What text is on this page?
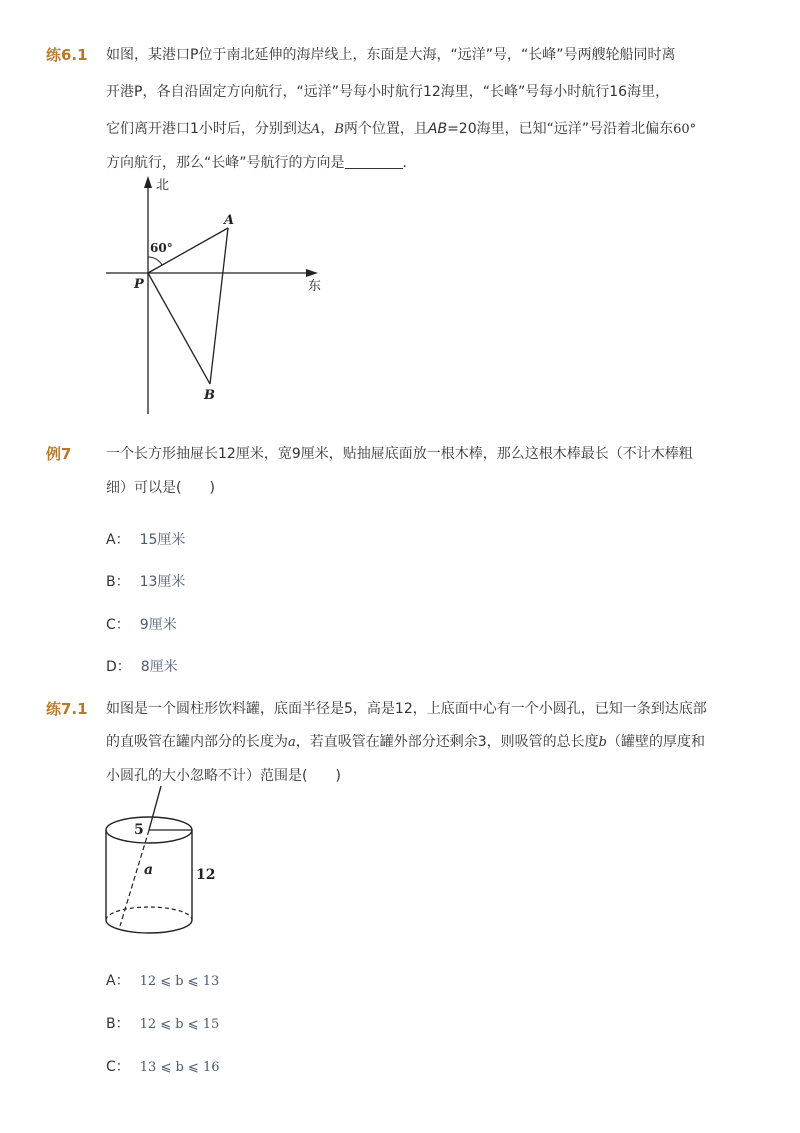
练6.1 如图，某港口P位于南北延伸的海岸线上，东面是大海，“远洋”号，“长峰”号两艘轮船同时离
开港P，各自沿固定方向航行，“远洋”号每小时航行12海里，“长峰”号每小时航行16海里，
它们离开港口1小时后，分别到达A，B两个位置，且AB=20海里，已知“远洋”号沿着北偏东60°
方向航行，那么“长峰”号航行的方向是	．
北
东
60°
A
P
B
例7 一个长方形抽屉长12厘米，宽9厘米，贴抽屉底面放一根木棒，那么这根木棒最长（不计木棒粗
细）可以是(　　)
A： 15厘米
B： 13厘米
C： 9厘米
D： 8厘米
练7.1 如图是一个圆柱形饮料罐，底面半径是5，高是12，上底面中心有一个小圆孔，已知一条到达底部
的直吸管在罐内部分的长度为a，若直吸管在罐外部分还剩余3，则吸管的总长度b（罐壁的厚度和
小圆孔的大小忽略不计）范围是(　　)
5
12
a
A： 12 ⩽ b ⩽ 13
B： 12 ⩽ b ⩽ 15
C： 13 ⩽ b ⩽ 16
